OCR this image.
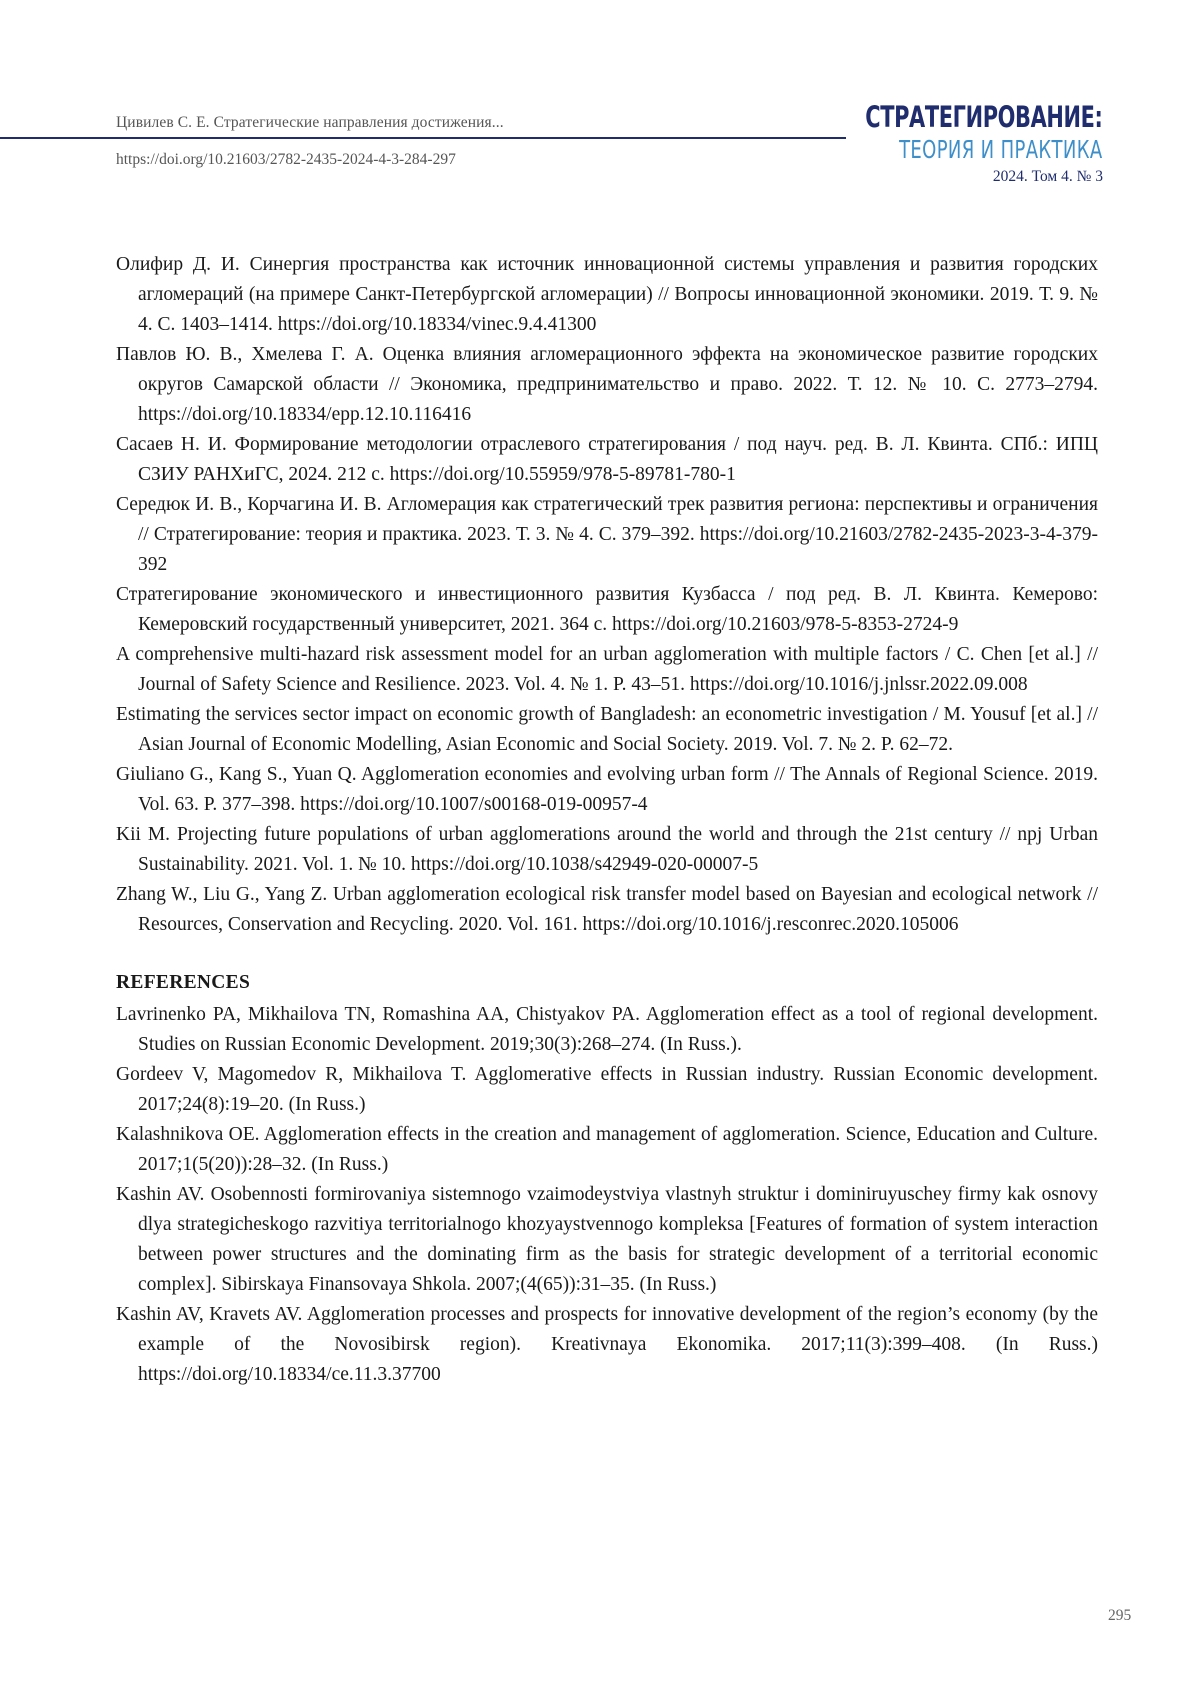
Цивилев С. Е. Стратегические направления достижения...
https://doi.org/10.21603/2782-2435-2024-4-3-284-297
СТРАТЕГИРОВАНИЕ:
ТЕОРИЯ И ПРАКТИКА
2024. Том 4. № 3

Олифир Д. И. Синергия пространства как источник инновационной системы управления и развития городских агломераций (на примере Санкт-Петербургской агломерации) // Вопросы инновационной экономики. 2019. Т. 9. № 4. С. 1403–1414. https://doi.org/10.18334/vinec.9.4.41300

Павлов Ю. В., Хмелева Г. А. Оценка влияния агломерационного эффекта на экономическое развитие городских округов Самарской области // Экономика, предпринимательство и право. 2022. Т. 12. № 10. С. 2773–2794. https://doi.org/10.18334/epp.12.10.116416

Сасаев Н. И. Формирование методологии отраслевого стратегирования / под науч. ред. В. Л. Квинта. СПб.: ИПЦ СЗИУ РАНХиГС, 2024. 212 с. https://doi.org/10.55959/978-5-89781-780-1

Середюк И. В., Корчагина И. В. Агломерация как стратегический трек развития региона: перспективы и ограничения // Стратегирование: теория и практика. 2023. Т. 3. № 4. С. 379–392. https://doi.org/10.21603/2782-2435-2023-3-4-379-392

Стратегирование экономического и инвестиционного развития Кузбасса / под ред. В. Л. Квинта. Кемерово: Кемеровский государственный университет, 2021. 364 с. https://doi.org/10.21603/978-5-8353-2724-9

A comprehensive multi-hazard risk assessment model for an urban agglomeration with multiple factors / C. Chen [et al.] // Journal of Safety Science and Resilience. 2023. Vol. 4. № 1. P. 43–51. https://doi.org/10.1016/j.jnlssr.2022.09.008

Estimating the services sector impact on economic growth of Bangladesh: an econometric investigation / M. Yousuf [et al.] // Asian Journal of Economic Modelling, Asian Economic and Social Society. 2019. Vol. 7. № 2. P. 62–72.

Giuliano G., Kang S., Yuan Q. Agglomeration economies and evolving urban form // The Annals of Regional Science. 2019. Vol. 63. P. 377–398. https://doi.org/10.1007/s00168-019-00957-4

Kii M. Projecting future populations of urban agglomerations around the world and through the 21st century // npj Urban Sustainability. 2021. Vol. 1. № 10. https://doi.org/10.1038/s42949-020-00007-5

Zhang W., Liu G., Yang Z. Urban agglomeration ecological risk transfer model based on Bayesian and ecological network // Resources, Conservation and Recycling. 2020. Vol. 161. https://doi.org/10.1016/j.resconrec.2020.105006

REFERENCES

Lavrinenko PA, Mikhailova TN, Romashina AA, Chistyakov PA. Agglomeration effect as a tool of regional development. Studies on Russian Economic Development. 2019;30(3):268–274. (In Russ.).

Gordeev V, Magomedov R, Mikhailova T. Agglomerative effects in Russian industry. Russian Economic development. 2017;24(8):19–20. (In Russ.)

Kalashnikova OE. Agglomeration effects in the creation and management of agglomeration. Science, Education and Culture. 2017;1(5(20)):28–32. (In Russ.)

Kashin AV. Osobennosti formirovaniya sistemnogo vzaimodeystviya vlastnyh struktur i dominiruyuschey firmy kak osnovy dlya strategicheskogo razvitiya territorialnogo khozyaystvennogo kompleksa [Features of formation of system interaction between power structures and the dominating firm as the basis for strategic development of a territorial economic complex]. Sibirskaya Finansovaya Shkola. 2007;(4(65)):31–35. (In Russ.)

Kashin AV, Kravets AV. Agglomeration processes and prospects for innovative development of the region’s economy (by the example of the Novosibirsk region). Kreativnaya Ekonomika. 2017;11(3):399–408. (In Russ.) https://doi.org/10.18334/ce.11.3.37700

295
